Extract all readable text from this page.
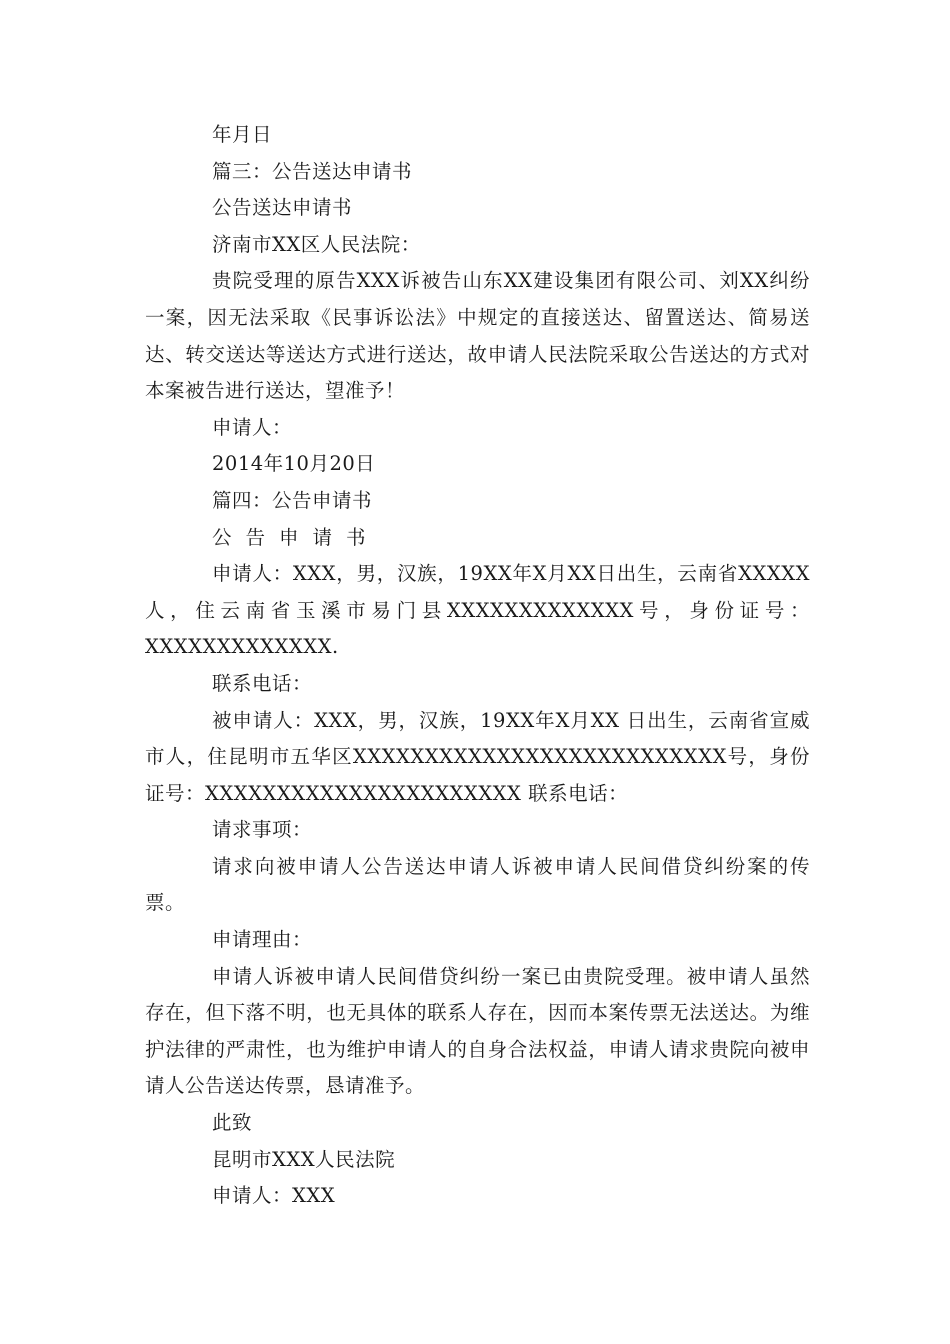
年月日
篇三：公告送达申请书
公告送达申请书
济南市XX区人民法院：
贵院受理的原告XXX诉被告山东XX建设集团有限公司、刘XX纠纷一案，因无法采取《民事诉讼法》中规定的直接送达、留置送达、简易送达、转交送达等送达方式进行送达，故申请人民法院采取公告送达的方式对本案被告进行送达，望准予！
申请人：
2014年10月20日
篇四：公告申请书
公告申请书
申请人：XXX，男，汉族，19XX年X月XX日出生，云南省XXXXX人，住云南省玉溪市易门县XXXXXXXXXXXXX号，身份证号：XXXXXXXXXXXXX.
联系电话：
被申请人：XXX，男，汉族，19XX年X月XX 日出生，云南省宣威市人，住昆明市五华区XXXXXXXXXXXXXXXXXXXXXXXXXX号，身份证号：XXXXXXXXXXXXXXXXXXXXXX 联系电话：
请求事项：
请求向被申请人公告送达申请人诉被申请人民间借贷纠纷案的传票。
申请理由：
申请人诉被申请人民间借贷纠纷一案已由贵院受理。被申请人虽然存在，但下落不明，也无具体的联系人存在，因而本案传票无法送达。为维护法律的严肃性，也为维护申请人的自身合法权益，申请人请求贵院向被申请人公告送达传票，恳请准予。
此致
昆明市XXX人民法院
申请人：XXX
